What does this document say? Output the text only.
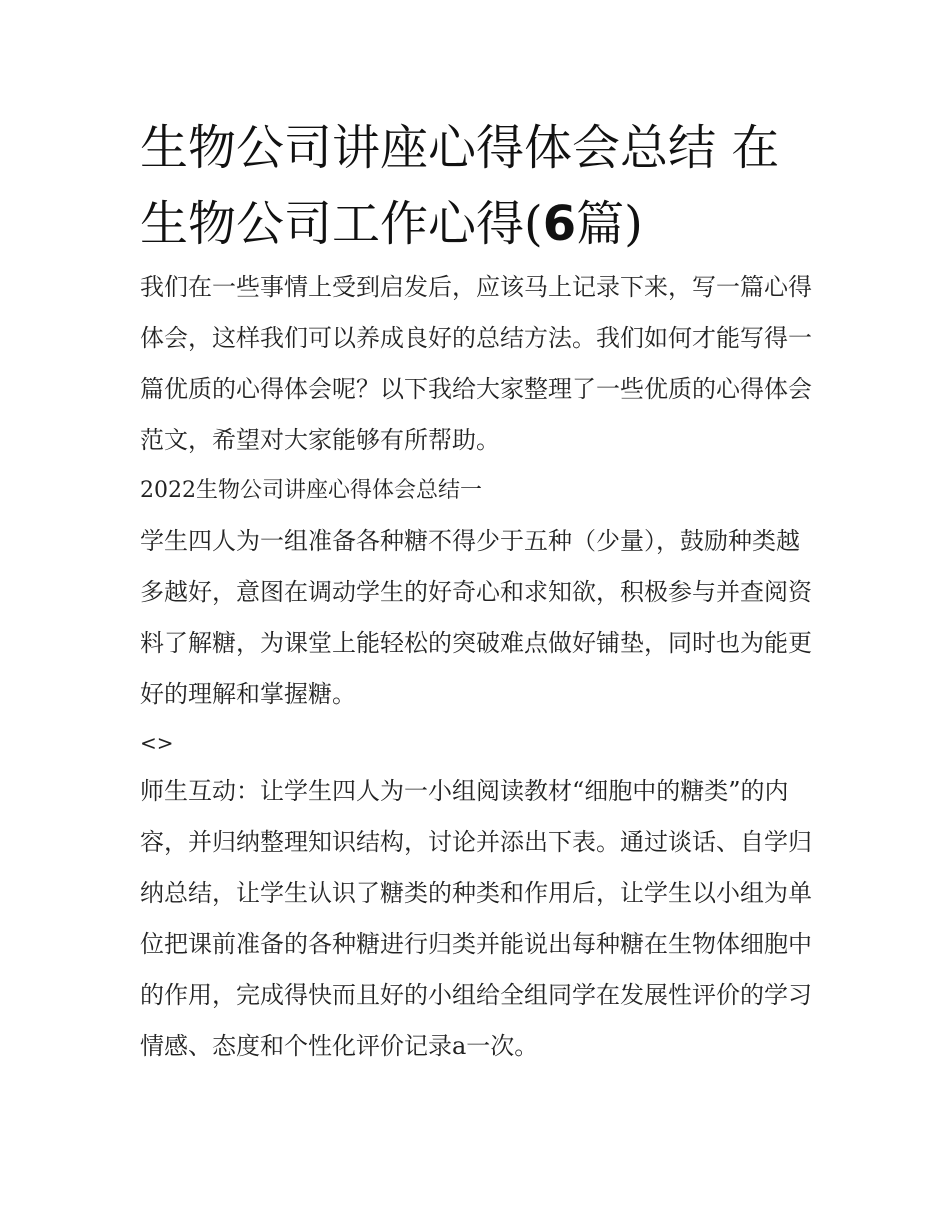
生物公司讲座心得体会总结 在生物公司工作心得(6篇)

我们在一些事情上受到启发后，应该马上记录下来，写一篇心得体会，这样我们可以养成良好的总结方法。我们如何才能写得一篇优质的心得体会呢？以下我给大家整理了一些优质的心得体会范文，希望对大家能够有所帮助。

2022生物公司讲座心得体会总结一

学生四人为一组准备各种糖不得少于五种（少量），鼓励种类越多越好，意图在调动学生的好奇心和求知欲，积极参与并查阅资料了解糖，为课堂上能轻松的突破难点做好铺垫，同时也为能更好的理解和掌握糖。

<>

师生互动：让学生四人为一小组阅读教材“细胞中的糖类”的内容，并归纳整理知识结构，讨论并添出下表。通过谈话、自学归纳总结，让学生认识了糖类的种类和作用后，让学生以小组为单位把课前准备的各种糖进行归类并能说出每种糖在生物体细胞中的作用，完成得快而且好的小组给全组同学在发展性评价的学习情感、态度和个性化评价记录a一次。
